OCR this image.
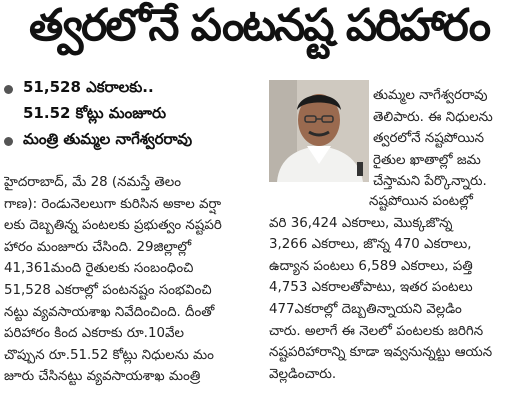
త్వరలోనే పంటనష్ట పరిహారం
51,528 ఎకరాలకు..
51.52 కోట్లు మంజూరు
మంత్రి తుమ్మల నాగేశ్వరరావు
హైదరాబాద్, మే 28 (నమస్తే తెలం
గాణ): రెండునెలలుగా కురిసిన అకాల వర్షా
లకు దెబ్బతిన్న పంటలకు ప్రభుత్వం నష్టపరి
హారం మంజూరు చేసింది. 29జిల్లాల్లో
41,361మంది రైతులకు సంబంధించి
51,528 ఎకరాల్లో పంటనష్టం సంభవించి
నట్టు వ్యవసాయశాఖ నివేదించింది. దీంతో
పరిహారం కింద ఎకరాకు రూ.10వేల
చొప్పున రూ.51.52 కోట్లు నిధులను మం
జూరు చేసినట్టు వ్యవసాయశాఖ మంత్రి
తుమ్మల నాగేశ్వరరావు
తెలిపారు. ఈ నిధులను
త్వరలోనే నష్టపోయిన
రైతుల ఖాతాల్లో జమ
చేస్తామని పేర్కొన్నారు.
నష్టపోయిన పంటల్లో
వరి 36,424 ఎకరాలు, మొక్కజొన్న
3,266 ఎకరాలు, జొన్న 470 ఎకరాలు,
ఉద్యాన పంటలు 6,589 ఎకరాలు, పత్తి
4,753 ఎకరాలతోపాటు, ఇతర పంటలు
477ఎకరాల్లో దెబ్బతిన్నాయని వెల్లడిం
చారు. అలాగే ఈ నెలలో పంటలకు జరిగిన
నష్టపరిహారాన్ని కూడా ఇవ్వనున్నట్టు ఆయన
వెల్లడించారు.
